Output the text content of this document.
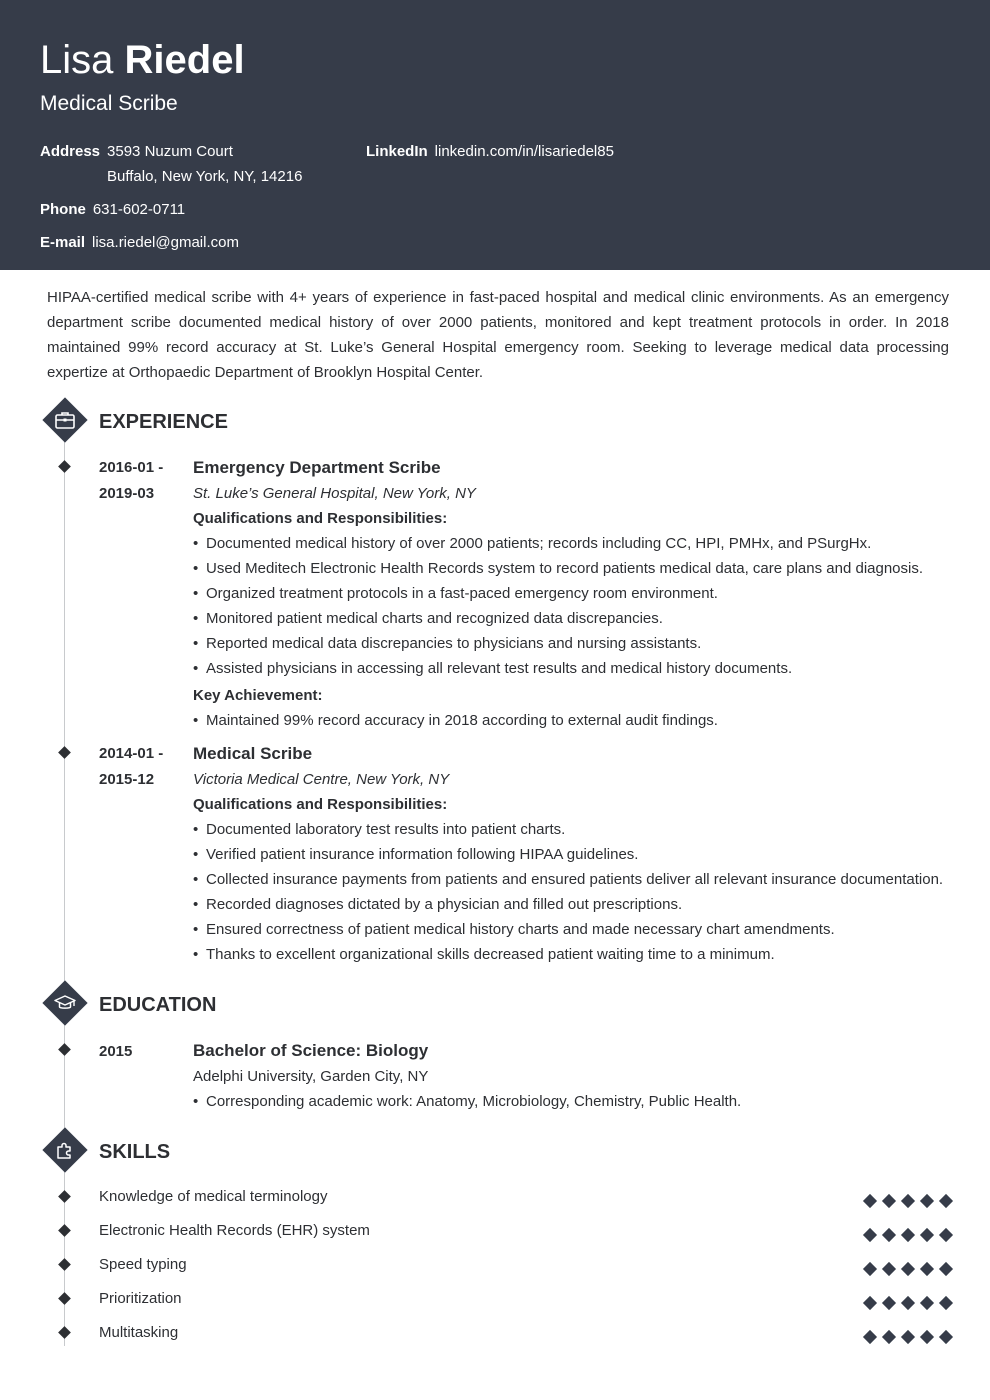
Lisa Riedel
Medical Scribe
Address 3593 Nuzum Court
Buffalo, New York, NY, 14216
Phone 631-602-0711
E-mail lisa.riedel@gmail.com
LinkedIn linkedin.com/in/lisariedel85
HIPAA-certified medical scribe with 4+ years of experience in fast-paced hospital and medical clinic environments. As an emergency department scribe documented medical history of over 2000 patients, monitored and kept treatment protocols in order. In 2018 maintained 99% record accuracy at St. Luke’s General Hospital emergency room. Seeking to leverage medical data processing expertize at Orthopaedic Department of Brooklyn Hospital Center.
EXPERIENCE
2016-01 -
2019-03
Emergency Department Scribe
St. Luke’s General Hospital, New York, NY
Qualifications and Responsibilities:
• Documented medical history of over 2000 patients; records including CC, HPI, PMHx, and PSurgHx.
• Used Meditech Electronic Health Records system to record patients medical data, care plans and diagnosis.
• Organized treatment protocols in a fast-paced emergency room environment.
• Monitored patient medical charts and recognized data discrepancies.
• Reported medical data discrepancies to physicians and nursing assistants.
• Assisted physicians in accessing all relevant test results and medical history documents.
Key Achievement:
• Maintained 99% record accuracy in 2018 according to external audit findings.
2014-01 -
2015-12
Medical Scribe
Victoria Medical Centre, New York, NY
Qualifications and Responsibilities:
• Documented laboratory test results into patient charts.
• Verified patient insurance information following HIPAA guidelines.
• Collected insurance payments from patients and ensured patients deliver all relevant insurance documentation.
• Recorded diagnoses dictated by a physician and filled out prescriptions.
• Ensured correctness of patient medical history charts and made necessary chart amendments.
• Thanks to excellent organizational skills decreased patient waiting time to a minimum.
EDUCATION
2015	Bachelor of Science: Biology
Adelphi University, Garden City, NY
• Corresponding academic work: Anatomy, Microbiology, Chemistry, Public Health.
SKILLS
Knowledge of medical terminology
Electronic Health Records (EHR) system
Speed typing
Prioritization
Multitasking
